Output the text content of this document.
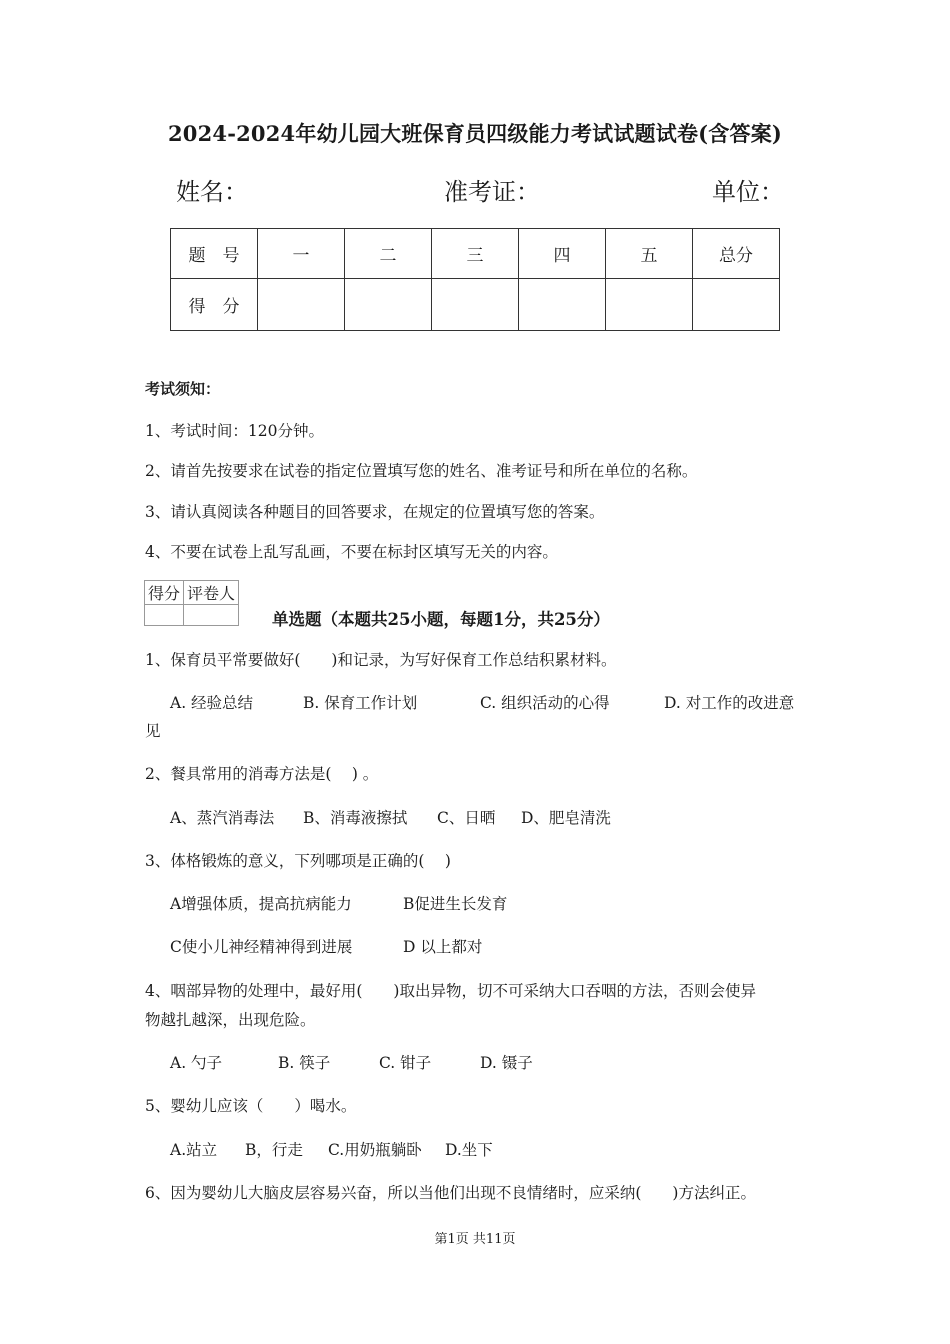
2024-2024年幼儿园大班保育员四级能力考试试题试卷(含答案)
姓名：	准考证：	单位：
题　号	一	二	三	四	五	总分
得　分						
考试须知：
1、考试时间：120分钟。
2、请首先按要求在试卷的指定位置填写您的姓名、准考证号和所在单位的名称。
3、请认真阅读各种题目的回答要求，在规定的位置填写您的答案。
4、不要在试卷上乱写乱画，不要在标封区填写无关的内容。
得分	评卷人

单选题（本题共25小题，每题1分，共25分）
1、保育员平常要做好(　　)和记录，为写好保育工作总结积累材料。
A. 经验总结	B. 保育工作计划	C. 组织活动的心得	D. 对工作的改进意
见
2、餐具常用的消毒方法是(　 ) 。
A、蒸汽消毒法 B、消毒液擦拭 C、日晒 D、肥皂清洗
3、体格锻炼的意义，下列哪项是正确的(　 )
A增强体质，提高抗病能力	B促进生长发育
C使小儿神经精神得到进展	D 以上都对
4、咽部异物的处理中，最好用(　　)取出异物，切不可采纳大口吞咽的方法，否则会使异
物越扎越深，出现危险。
A. 勺子	B. 筷子	C. 钳子	D. 镊子
5、婴幼儿应该（　　）喝水。
A.站立 B，行走 C.用奶瓶躺卧 D.坐下
6、因为婴幼儿大脑皮层容易兴奋，所以当他们出现不良情绪时，应采纳(　　)方法纠正。
第1页 共11页
